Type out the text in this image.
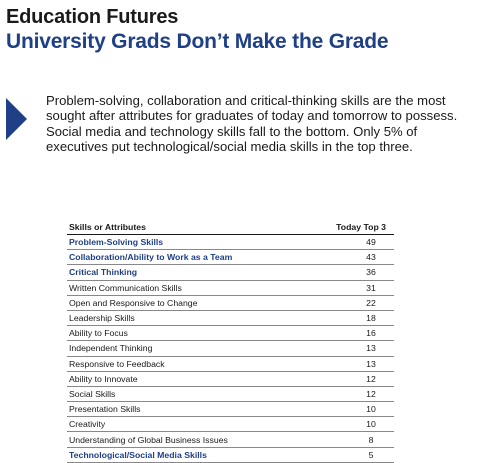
Education Futures
University Grads Don’t Make the Grade
Problem-solving, collaboration and critical-thinking skills are the most sought after attributes for graduates of today and tomorrow to possess. Social media and technology skills fall to the bottom. Only 5% of executives put technological/social media skills in the top three.
Skills or Attributes	Today Top 3
Problem-Solving Skills	49
Collaboration/Ability to Work as a Team	43
Critical Thinking	36
Written Communication Skills	31
Open and Responsive to Change	22
Leadership Skills	18
Ability to Focus	16
Independent Thinking	13
Responsive to Feedback	13
Ability to Innovate	12
Social Skills	12
Presentation Skills	10
Creativity	10
Understanding of Global Business Issues	8
Technological/Social Media Skills	5
